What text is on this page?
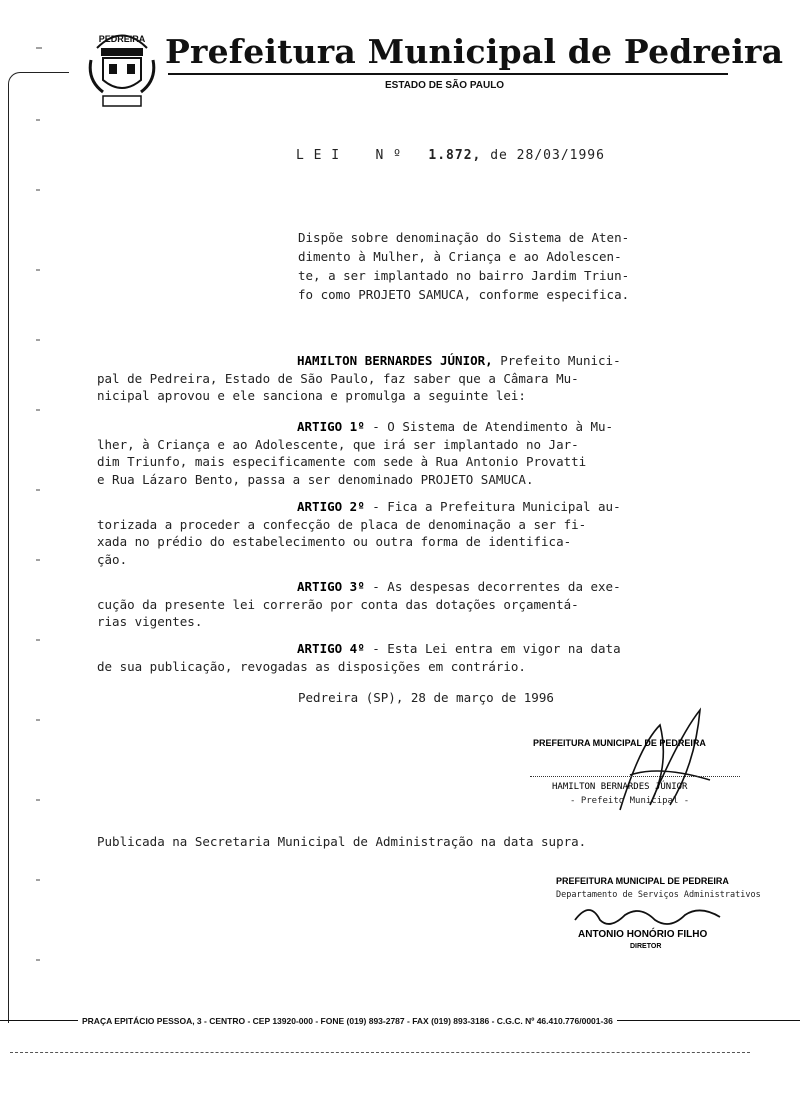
PEDREIRA Prefeitura Municipal de Pedreira
ESTADO DE SÃO PAULO
L E I    N º 1.872, de 28/03/1996
Dispõe sobre denominação do Sistema de Aten-
dimento à Mulher, à Criança e ao Adolescen-
te, a ser implantado no bairro Jardim Triun-
fo como PROJETO SAMUCA, conforme especifica.
HAMILTON BERNARDES JÚNIOR, Prefeito Munici-
pal de Pedreira, Estado de São Paulo, faz saber que a Câmara Mu-
nicipal aprovou e ele sanciona e promulga a seguinte lei:
ARTIGO 1º - O Sistema de Atendimento à Mu-
lher, à Criança e ao Adolescente, que irá ser implantado no Jar-
dim Triunfo, mais especificamente com sede à Rua Antonio Provatti
e Rua Lázaro Bento, passa a ser denominado PROJETO SAMUCA.
ARTIGO 2º - Fica a Prefeitura Municipal au-
torizada a proceder a confecção de placa de denominação a ser fi-
xada no prédio do estabelecimento ou outra forma de identifica-
ção.
ARTIGO 3º - As despesas decorrentes da exe-
cução da presente lei correrão por conta das dotações orçamentá-
rias vigentes.
ARTIGO 4º - Esta Lei entra em vigor na data
de sua publicação, revogadas as disposições em contrário.
Pedreira (SP), 28 de março de 1996
PREFEITURA MUNICIPAL DE PEDREIRA
HAMILTON BERNARDES JÚNIOR
- Prefeito Municipal -
Publicada na Secretaria Municipal de Administração na data supra.
PREFEITURA MUNICIPAL DE PEDREIRA
Departamento de Serviços Administrativos
ANTONIO HONÓRIO FILHO
DIRETOR
PRAÇA EPITÁCIO PESSOA, 3 - CENTRO - CEP 13920-000 - FONE (019) 893-2787 - FAX (019) 893-3186 - C.G.C. Nº 46.410.776/0001-36
